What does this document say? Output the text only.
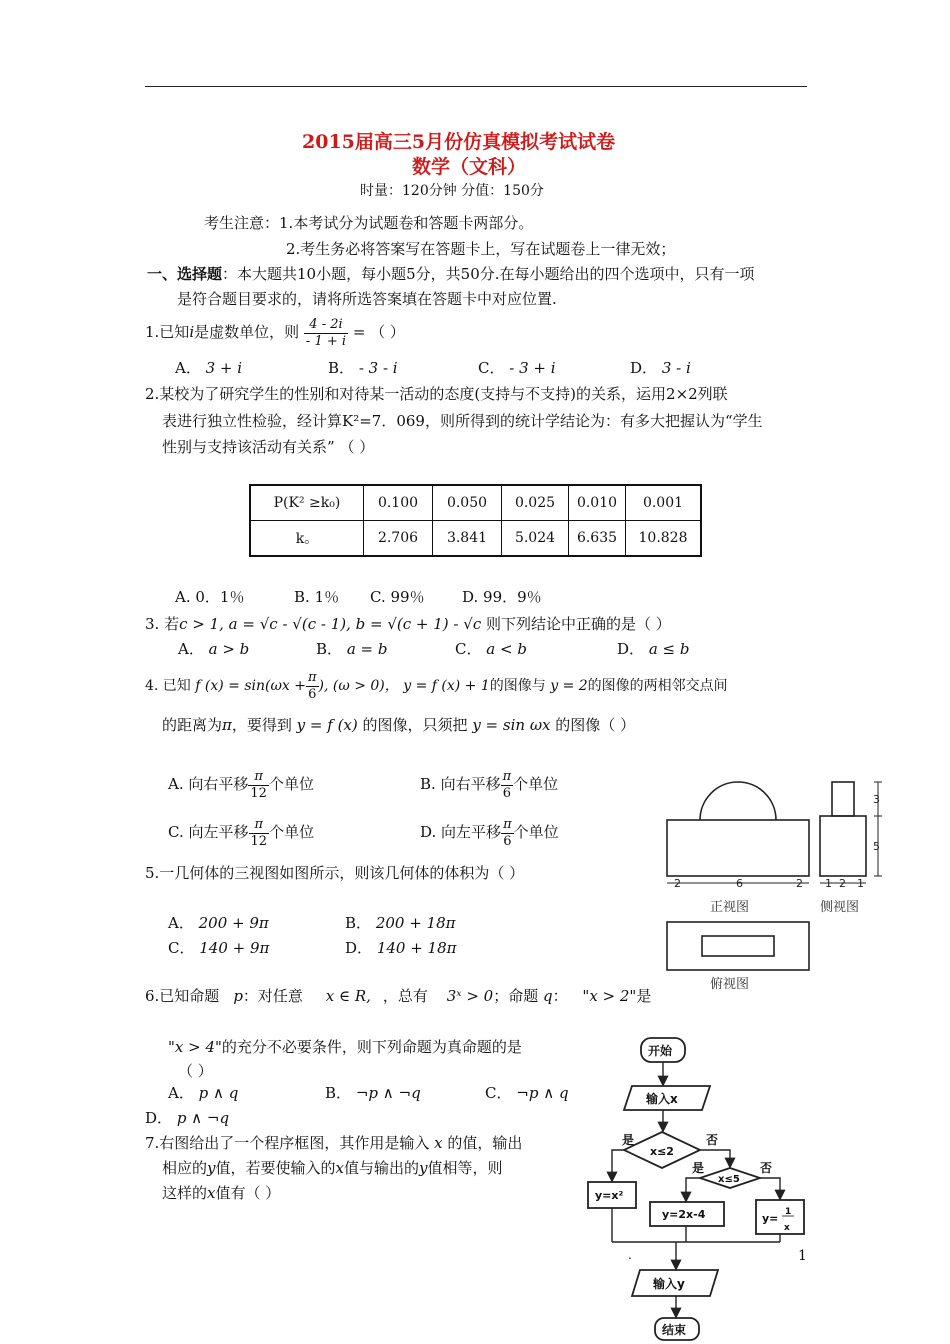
2015届高三5月份仿真模拟考试试卷
数学（文科）
时量：120分钟 分值：150分
考生注意：1.本考试分为试题卷和答题卡两部分。
2.考生务必将答案写在答题卡上，写在试题卷上一律无效；
一、选择题：本大题共10小题，每小题5分，共50分.在每小题给出的四个选项中，只有一项
是符合题目要求的，请将所选答案填在答题卡中对应位置.
1.已知i是虚数单位，则 $\frac{4 - 2i}{- 1 + i}$ = （ ）
A． 3 + i	B． - 3 - i	C． - 3 + i	D． 3 - i
2.某校为了研究学生的性别和对待某一活动的态度(支持与不支持)的关系，运用2×2列联
表进行独立性检验，经计算K²=7．069，则所得到的统计学结论为：有多大把握认为“学生
性别与支持该活动有关系” （ ）
P(K² ≥k₀)	0.100	0.050	0.025	0.010	0.001
k。	2.706	3.841	5.024	6.635	10.828
A. 0．1％	B. 1％ C. 99％ D. 99．9％
3. 若c > 1, a = √c - √(c - 1), b = √(c + 1) - √c 则下列结论中正确的是（ ）
A． a > b	B． a = b	C． a < b	D． a ≤ b
4. 已知 f $(x) = \sin(\omega x + \frac{\pi}{6}$ ), (ω > 0)， y = f (x) + 1的图像与 y = 2的图像的两相邻交点间
的距离为π，要得到 y = f (x) 的图像，只须把 y = sin ωx 的图像（ ）
A. 向右平移 $\frac{\pi}{12}$ 个单位	B. 向右平移 $\frac{\pi}{6}$ 个单位
C. 向左平移 $\frac{\pi}{12}$ 个单位	D. 向左平移 $\frac{\pi}{6}$ 个单位
5.一几何体的三视图如图所示，则该几何体的体积为（ ）
A． 200 + 9π	B． 200 + 18π
C． 140 + 9π	D． 140 + 18π
2	6	2 1 2 1
3
5
正视图	侧视图
俯视图
6.已知命题 p：对任意 x ∈ R, ，总有 3ˣ > 0；命题 q： "x > 2"是
"x > 4"的充分不必要条件，则下列命题为真命题的是
（ ）
A． p ∧ q	B． ¬p ∧ ¬q	C． ¬p ∧ q
D． p ∧ ¬q
7.右图给出了一个程序框图，其作用是输入 x 的值，输出
相应的y值，若要使输入的x值与输出的y值相等，则
这样的x值有（ ）
开始
输入x
x≤2
x≤5
是	否
是	否
y=x²
y=2x-4	y= 1
x
输入y
结束
.	1
